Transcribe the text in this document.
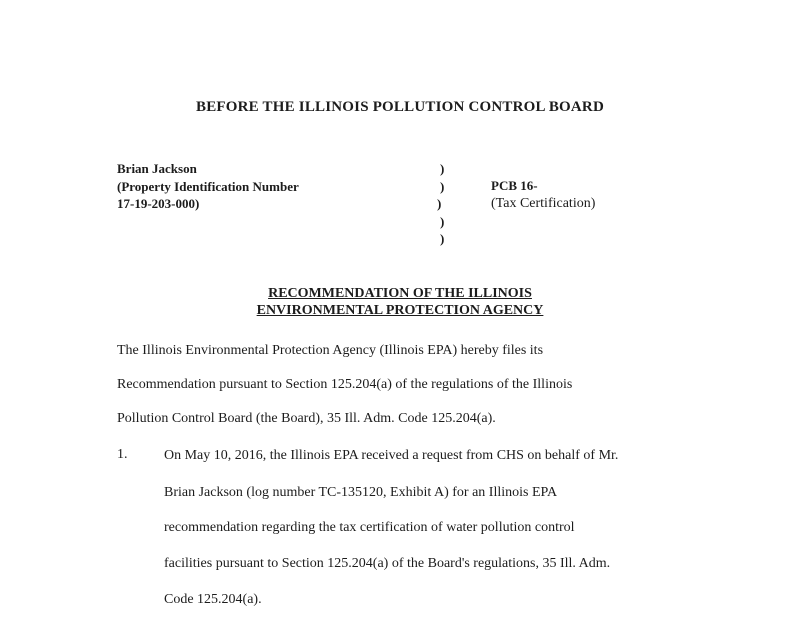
BEFORE THE ILLINOIS POLLUTION CONTROL BOARD
Brian Jackson
(Property Identification Number
17-19-203-000)
)
)
)
)
)
PCB 16-
(Tax Certification)
RECOMMENDATION OF THE ILLINOIS
ENVIRONMENTAL PROTECTION AGENCY
The Illinois Environmental Protection Agency (Illinois EPA) hereby files its
Recommendation pursuant to Section 125.204(a) of the regulations of the Illinois
Pollution Control Board (the Board), 35 Ill. Adm. Code 125.204(a).
1.	On May 10, 2016, the Illinois EPA received a request from CHS on behalf of Mr.
Brian Jackson (log number TC-135120, Exhibit A) for an Illinois EPA
recommendation regarding the tax certification of water pollution control
facilities pursuant to Section 125.204(a) of the Board's regulations, 35 Ill. Adm.
Code 125.204(a).
